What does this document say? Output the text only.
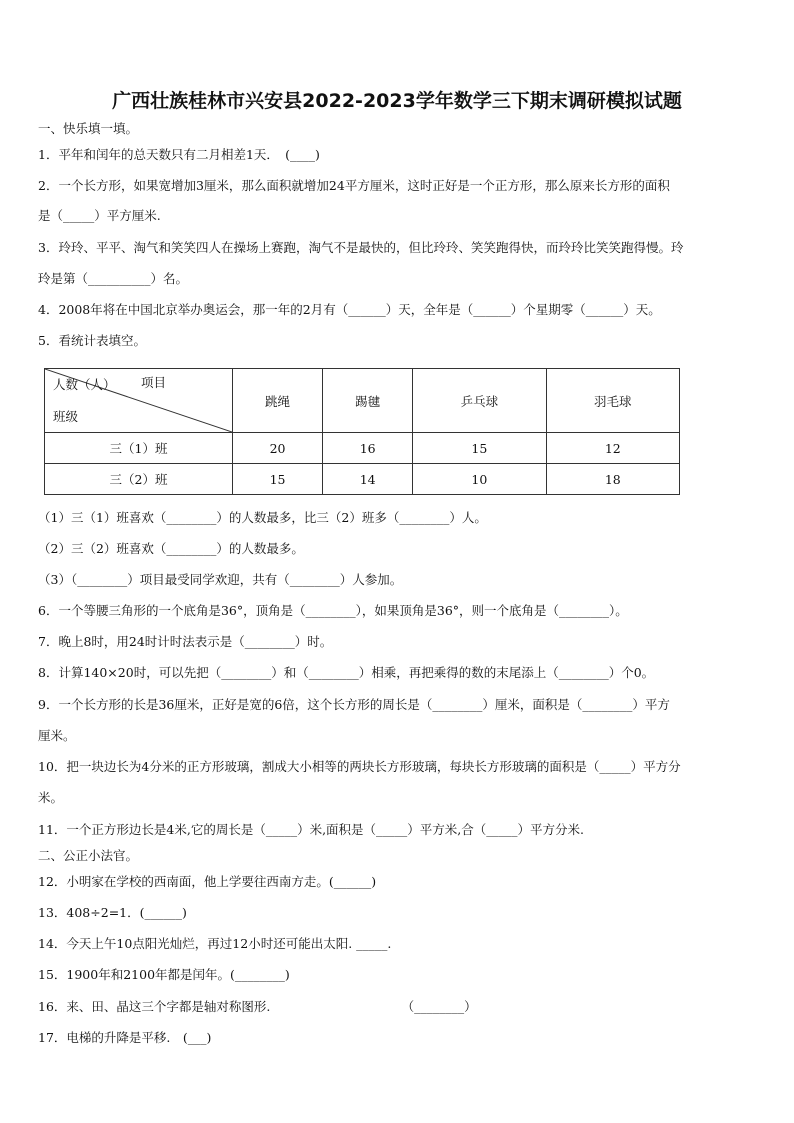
广西壮族桂林市兴安县2022-2023学年数学三下期末调研模拟试题
一、快乐填一填。
1．平年和闰年的总天数只有二月相差1天．　(____)
2．一个长方形，如果宽增加3厘米，那么面积就增加24平方厘米，这时正好是一个正方形，那么原来长方形的面积
是（_____）平方厘米.
3．玲玲、平平、淘气和笑笑四人在操场上赛跑，淘气不是最快的，但比玲玲、笑笑跑得快，而玲玲比笑笑跑得慢。玲
玲是第（__________）名。
4．2008年将在中国北京举办奥运会，那一年的2月有（______）天，全年是（______）个星期零（______）天。
5．看统计表填空。
人数（人） 项目
班级	跳绳	踢毽	乒乓球	羽毛球
三（1）班	20	16	15	12
三（2）班	15	14	10	18
（1）三（1）班喜欢（________）的人数最多，比三（2）班多（________）人。
（2）三（2）班喜欢（________）的人数最多。
（3）（________）项目最受同学欢迎，共有（________）人参加。
6．一个等腰三角形的一个底角是36°，顶角是（________），如果顶角是36°，则一个底角是（________）。
7．晚上8时，用24时计时法表示是（________）时。
8．计算140×20时，可以先把（________）和（________）相乘，再把乘得的数的末尾添上（________）个0。
9．一个长方形的长是36厘米，正好是宽的6倍，这个长方形的周长是（________）厘米，面积是（________）平方
厘米。
10．把一块边长为4分米的正方形玻璃，割成大小相等的两块长方形玻璃，每块长方形玻璃的面积是（_____）平方分
米。
11．一个正方形边长是4米,它的周长是（_____）米,面积是（_____）平方米,合（_____）平方分米.
二、公正小法官。
12．小明家在学校的西南面，他上学要往西南方走。(______)
13．408÷2=1．(______)
14．今天上午10点阳光灿烂，再过12小时还可能出太阳. _____.
15．1900年和2100年都是闰年。(________)
16．来、田、晶这三个字都是轴对称图形.　　　　　　　　　　　（________）
17．电梯的升降是平移.　(___)
